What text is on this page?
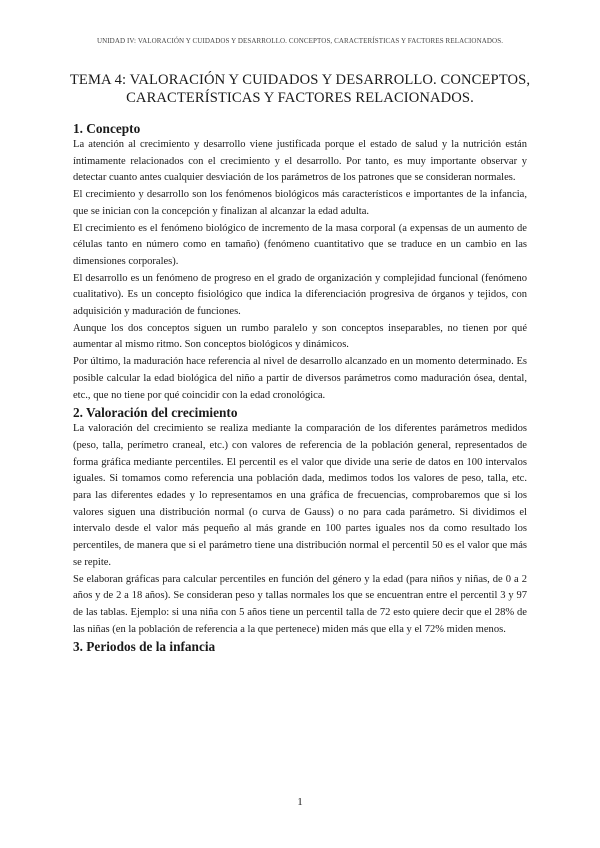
UNIDAD IV: VALORACIÓN Y CUIDADOS Y DESARROLLO. CONCEPTOS, CARACTERÍSTICAS Y FACTORES RELACIONADOS.
TEMA 4: VALORACIÓN Y CUIDADOS Y DESARROLLO. CONCEPTOS, CARACTERÍSTICAS Y FACTORES RELACIONADOS.
1. Concepto

La atención al crecimiento y desarrollo viene justificada porque el estado de salud y la nutrición están íntimamente relacionados con el crecimiento y el desarrollo. Por tanto, es muy importante observar y detectar cuanto antes cualquier desviación de los parámetros de los patrones que se consideran normales.

El crecimiento y desarrollo son los fenómenos biológicos más característicos e importantes de la infancia, que se inician con la concepción y finalizan al alcanzar la edad adulta.

El crecimiento es el fenómeno biológico de incremento de la masa corporal (a expensas de un aumento de células tanto en número como en tamaño) (fenómeno cuantitativo que se traduce en un cambio en las dimensiones corporales).

El desarrollo es un fenómeno de progreso en el grado de organización y complejidad funcional (fenómeno cualitativo). Es un concepto fisiológico que indica la diferenciación progresiva de órganos y tejidos, con adquisición y maduración de funciones.

Aunque los dos conceptos siguen un rumbo paralelo y son conceptos inseparables, no tienen por qué aumentar al mismo ritmo. Son conceptos biológicos y dinámicos.

Por último, la maduración hace referencia al nivel de desarrollo alcanzado en un momento determinado. Es posible calcular la edad biológica del niño a partir de diversos parámetros como maduración ósea, dental, etc., que no tiene por qué coincidir con la edad cronológica.

2. Valoración del crecimiento

La valoración del crecimiento se realiza mediante la comparación de los diferentes parámetros medidos (peso, talla, perímetro craneal, etc.) con valores de referencia de la población general, representados de forma gráfica mediante percentiles. El percentil es el valor que divide una serie de datos en 100 intervalos iguales. Si tomamos como referencia una población dada, medimos todos los valores de peso, talla, etc. para las diferentes edades y lo representamos en una gráfica de frecuencias, comprobaremos que si los valores siguen una distribución normal (o curva de Gauss) o no para cada parámetro. Si dividimos el intervalo desde el valor más pequeño al más grande en 100 partes iguales nos da como resultado los percentiles, de manera que si el parámetro tiene una distribución normal el percentil 50 es el valor que más se repite.

Se elaboran gráficas para calcular percentiles en función del género y la edad (para niños y niñas, de 0 a 2 años y de 2 a 18 años). Se consideran peso y tallas normales los que se encuentran entre el percentil 3 y 97 de las tablas. Ejemplo: si una niña con 5 años tiene un percentil talla de 72 esto quiere decir que el 28% de las niñas (en la población de referencia a la que pertenece) miden más que ella y el 72% miden menos.

3. Periodos de la infancia
1
